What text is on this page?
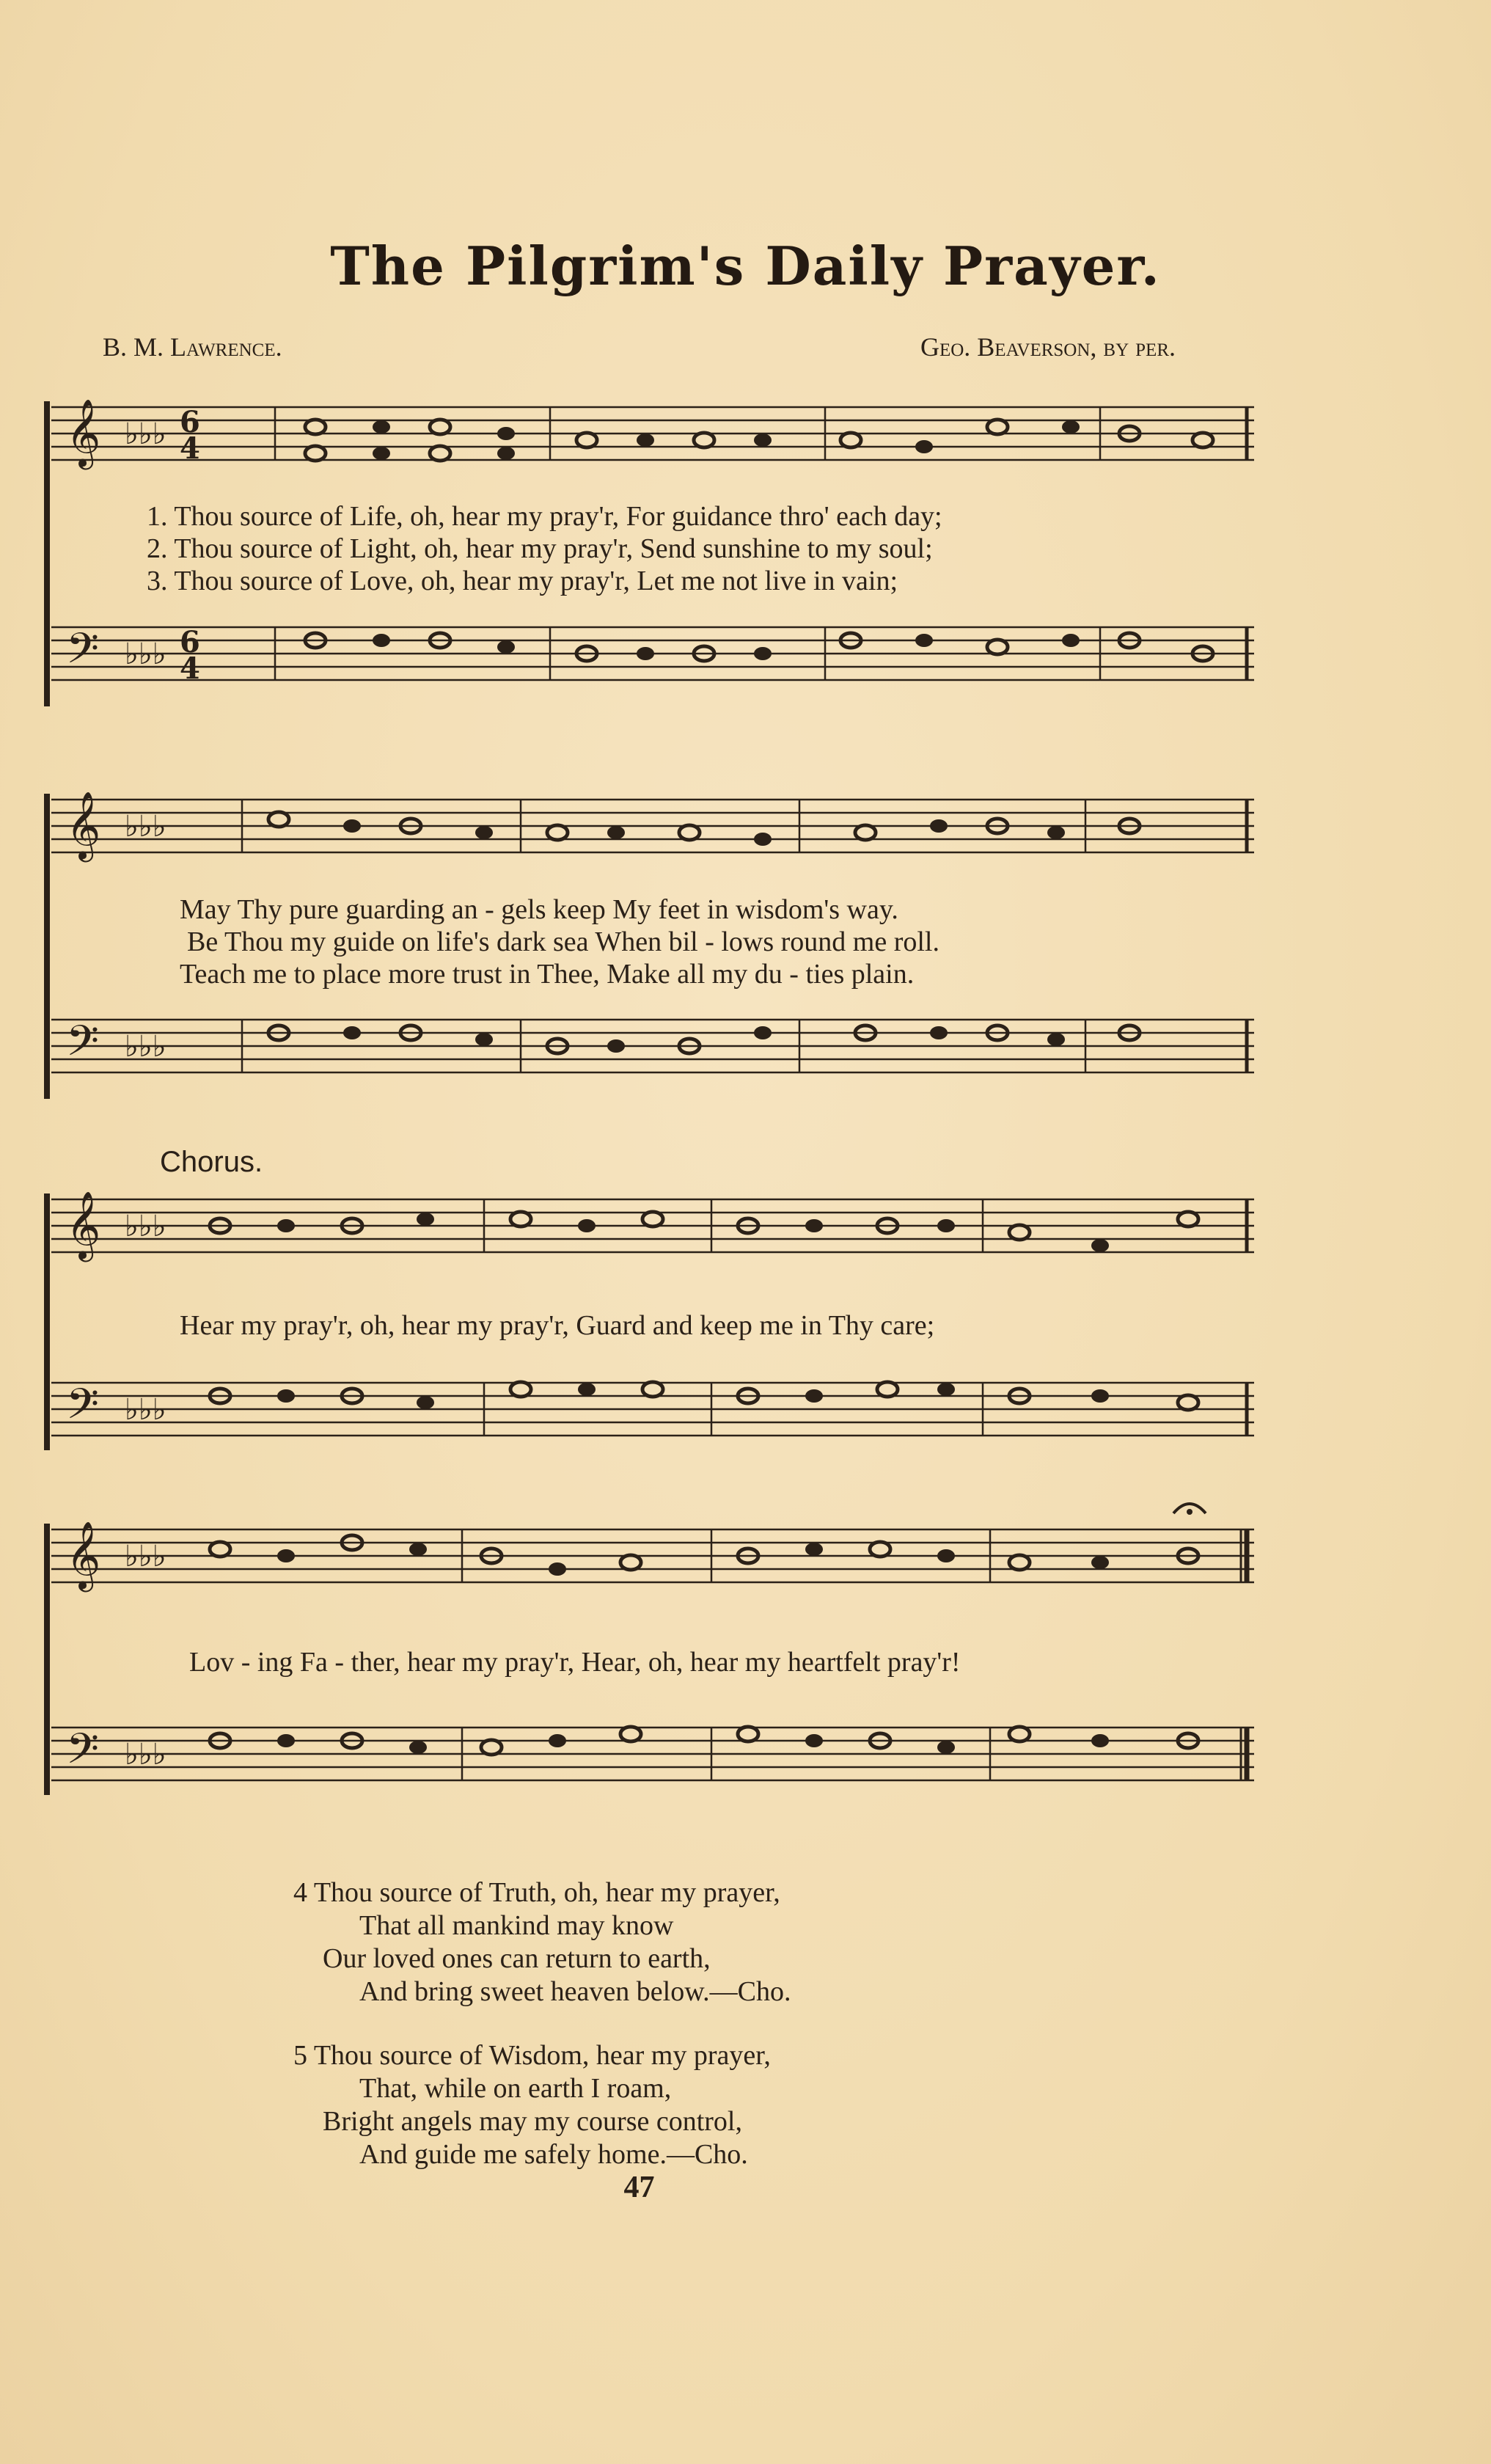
The Pilgrim's Daily Prayer.
B. M. Lawrence.	Geo. Beaverson, by per.
𝄞
𝄢
♭♭♭
♭♭♭
6
4
6
4
𝄞
𝄢
♭♭♭
♭♭♭
𝄞
𝄢
♭♭♭
♭♭♭
𝄞
𝄢
♭♭♭
♭♭♭
1. Thou source of Life, oh, hear my pray'r, For guidance thro' each day;
2. Thou source of Light, oh, hear my pray'r, Send sunshine to my soul;
3. Thou source of Love, oh, hear my pray'r, Let me not live in vain;
May Thy pure guarding an - gels keep My feet in wisdom's way.
Be Thou my guide on life's dark sea When bil - lows round me roll.
Teach me to place more trust in Thee, Make all my du - ties plain.
Chorus.
Hear my pray'r, oh, hear my pray'r, Guard and keep me in Thy care;
Lov - ing Fa - ther, hear my pray'r, Hear, oh, hear my heartfelt pray'r!
4 Thou source of Truth, oh, hear my prayer,
That all mankind may know
Our loved ones can return to earth,
And bring sweet heaven below.—Cho.
5 Thou source of Wisdom, hear my prayer,
That, while on earth I roam,
Bright angels may my course control,
And guide me safely home.—Cho.
47
